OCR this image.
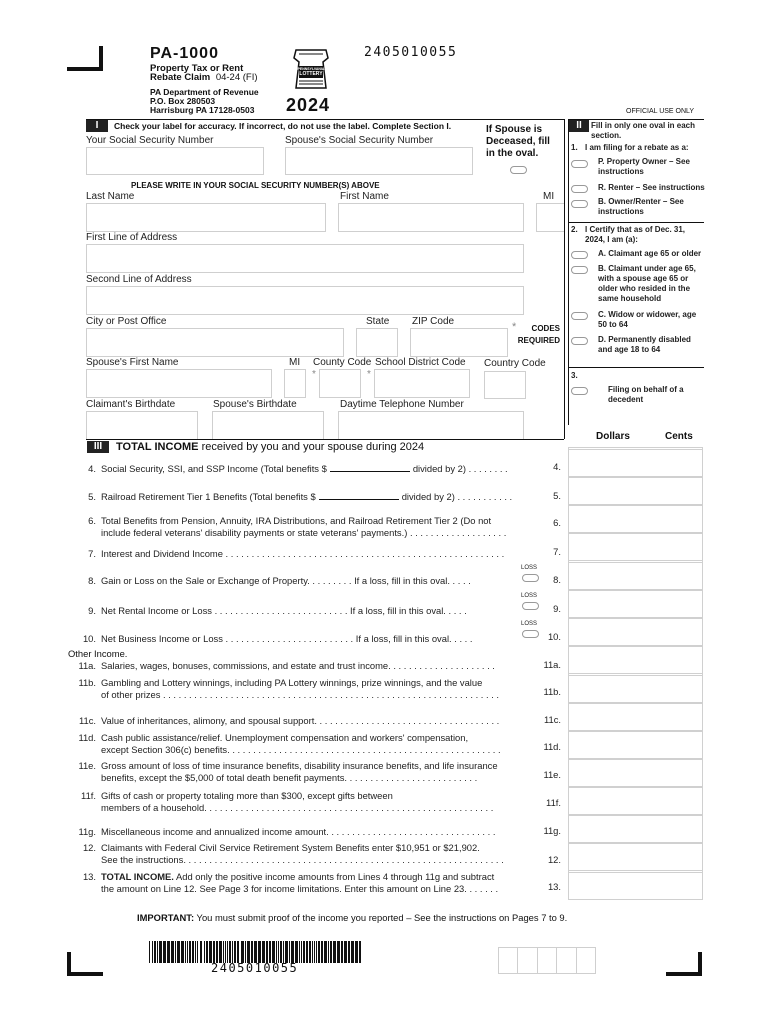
PA-1000
Property Tax or Rent
Rebate Claim 04-24 (FI)
PA Department of Revenue
P.O. Box 280503
Harrisburg PA 17128-0503
PENNSYLVANIA
LOTTERY
2024
2405010055
OFFICIAL USE ONLY
I	Check your label for accuracy. If incorrect, do not use the label. Complete Section I.
Your Social Security Number	Spouse's Social Security Number
If Spouse is Deceased, fill in the oval.
PLEASE WRITE IN YOUR SOCIAL SECURITY NUMBER(S) ABOVE
Last Name	First Name	MI
First Line of Address
Second Line of Address
City or Post Office	State ZIP Code	*	CODES REQUIRED
Spouse's First Name	MI County Code
*
School District Code
*
Country Code
Claimant's Birthdate	Spouse's Birthdate	Daytime Telephone Number
II	Fill in only one oval in each section.
1. I am filing for a rebate as a:
P. Property Owner – See instructions
R. Renter – See instructions
B. Owner/Renter – See instructions
2. I Certify that as of Dec. 31, 2024, I am (a):
A. Claimant age 65 or older
B. Claimant under age 65, with a spouse age 65 or older who resided in the same household
C. Widow or widower, age 50 to 64
D. Permanently disabled and age 18 to 64
3.
Filing on behalf of a decedent
Dollars	Cents
III	TOTAL INCOME received by you and your spouse during 2024
4. Social Security, SSI, and SSP Income (Total benefits $	divided by 2) . . . . . . . .	4.
5. Railroad Retirement Tier 1 Benefits (Total benefits $	divided by 2) . . . . . . . . . . .	5.
6. Total Benefits from Pension, Annuity, IRA Distributions, and Railroad Retirement Tier 2 (Do not
include federal veterans' disability payments or state veterans' payments.) . . . . . . . . . . . . . . . . . . .
6.
7. Interest and Dividend Income . . . . . . . . . . . . . . . . . . . . . . . . . . . . . . . . . . . . . . . . . . . . . . . . . . . . . .	7.
8. Gain or Loss on the Sale or Exchange of Property. . . . . . . . . If a loss, fill in this oval. . . . .	8.
9. Net Rental Income or Loss . . . . . . . . . . . . . . . . . . . . . . . . . . If a loss, fill in this oval. . . . .	9.
10. Net Business Income or Loss . . . . . . . . . . . . . . . . . . . . . . . . . If a loss, fill in this oval. . . . .	10.
11a. Salaries, wages, bonuses, commissions, and estate and trust income. . . . . . . . . . . . . . . . . . . . .	11a.
11b. Gambling and Lottery winnings, including PA Lottery winnings, prize winnings, and the value
of other prizes . . . . . . . . . . . . . . . . . . . . . . . . . . . . . . . . . . . . . . . . . . . . . . . . . . . . . . . . . . . . . . . . .	11b.
11c. Value of inheritances, alimony, and spousal support. . . . . . . . . . . . . . . . . . . . . . . . . . . . . . . . . . . .	11c.
11d. Cash public assistance/relief. Unemployment compensation and workers' compensation,
except Section 306(c) benefits. . . . . . . . . . . . . . . . . . . . . . . . . . . . . . . . . . . . . . . . . . . . . . . . . . . . .	11d.
11e. Gross amount of loss of time insurance benefits, disability insurance benefits, and life insurance
benefits, except the $5,000 of total death benefit payments. . . . . . . . . . . . . . . . . . . . . . . . . .	11e.
11f. Gifts of cash or property totaling more than $300, except gifts between
members of a household. . . . . . . . . . . . . . . . . . . . . . . . . . . . . . . . . . . . . . . . . . . . . . . . . . . . . . . .	11f.
11g. Miscellaneous income and annualized income amount. . . . . . . . . . . . . . . . . . . . . . . . . . . . . . . . .	11g.
12. Claimants with Federal Civil Service Retirement System Benefits enter $10,951 or $21,902.
See the instructions. . . . . . . . . . . . . . . . . . . . . . . . . . . . . . . . . . . . . . . . . . . . . . . . . . . . . . . . . . . . . .	12.
13. TOTAL INCOME. Add only the positive income amounts from Lines 4 through 11g and subtract
the amount on Line 12. See Page 3 for income limitations. Enter this amount on Line 23. . . . . . .	13.
Other Income.
LOSS
LOSS
LOSS
IMPORTANT: You must submit proof of the income you reported – See the instructions on Pages 7 to 9.
2405010055
